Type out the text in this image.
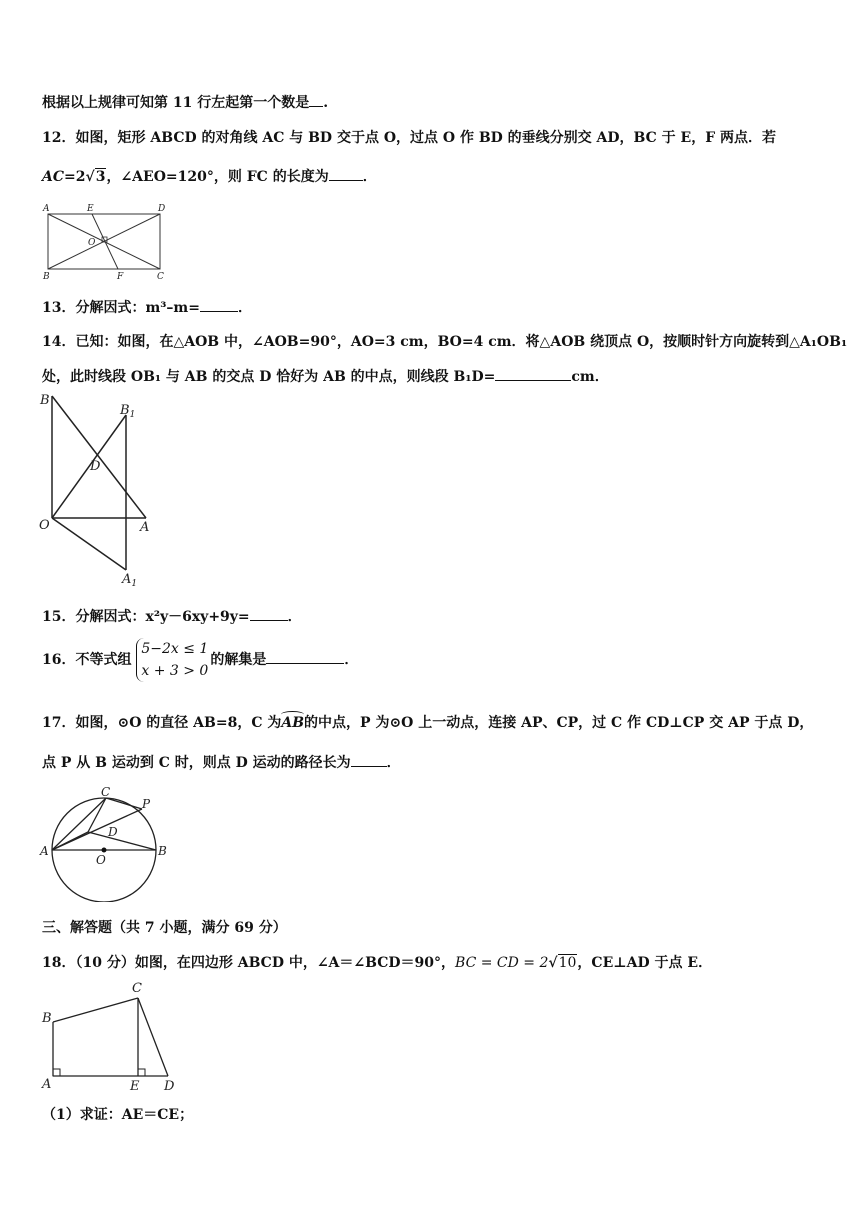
根据以上规律可知第 11 行左起第一个数是 .
12．如图，矩形 ABCD 的对角线 AC 与 BD 交于点 O，过点 O 作 BD 的垂线分别交 AD，BC 于 E，F 两点．若
AC=2√3，∠AEO=120°，则 FC 的长度为 ．
A	E	D
O
B	F	C
13．分解因式：m³–m=	．
14．已知：如图，在△AOB 中，∠AOB=90°，AO=3 cm，BO=4 cm．将△AOB 绕顶点 O，按顺时针方向旋转到△A₁OB₁
处，此时线段 OB₁ 与 AB 的交点 D 恰好为 AB 的中点，则线段 B₁D=	cm．
B
$B_1$
D
O	A
$A_1$
15．分解因式：x²y－6xy+9y=	．
16．不等式组 5−2x ≤ 1
x + 3 > 0的解集是	．
17．如图，⊙O 的直径 AB=8，C 为AB的中点，P 为⊙O 上一动点，连接 AP、CP，过 C 作 CD⊥CP 交 AP 于点 D，
点 P 从 B 运动到 C 时，则点 D 运动的路径长为	．
C
P
D
A
O
B
三、解答题（共 7 小题，满分 69 分）
18．（10 分）如图，在四边形 ABCD 中，∠A＝∠BCD＝90°，BC = CD = 2√10，CE⊥AD 于点 E．
C
B
A	E D
（1）求证：AE＝CE；
